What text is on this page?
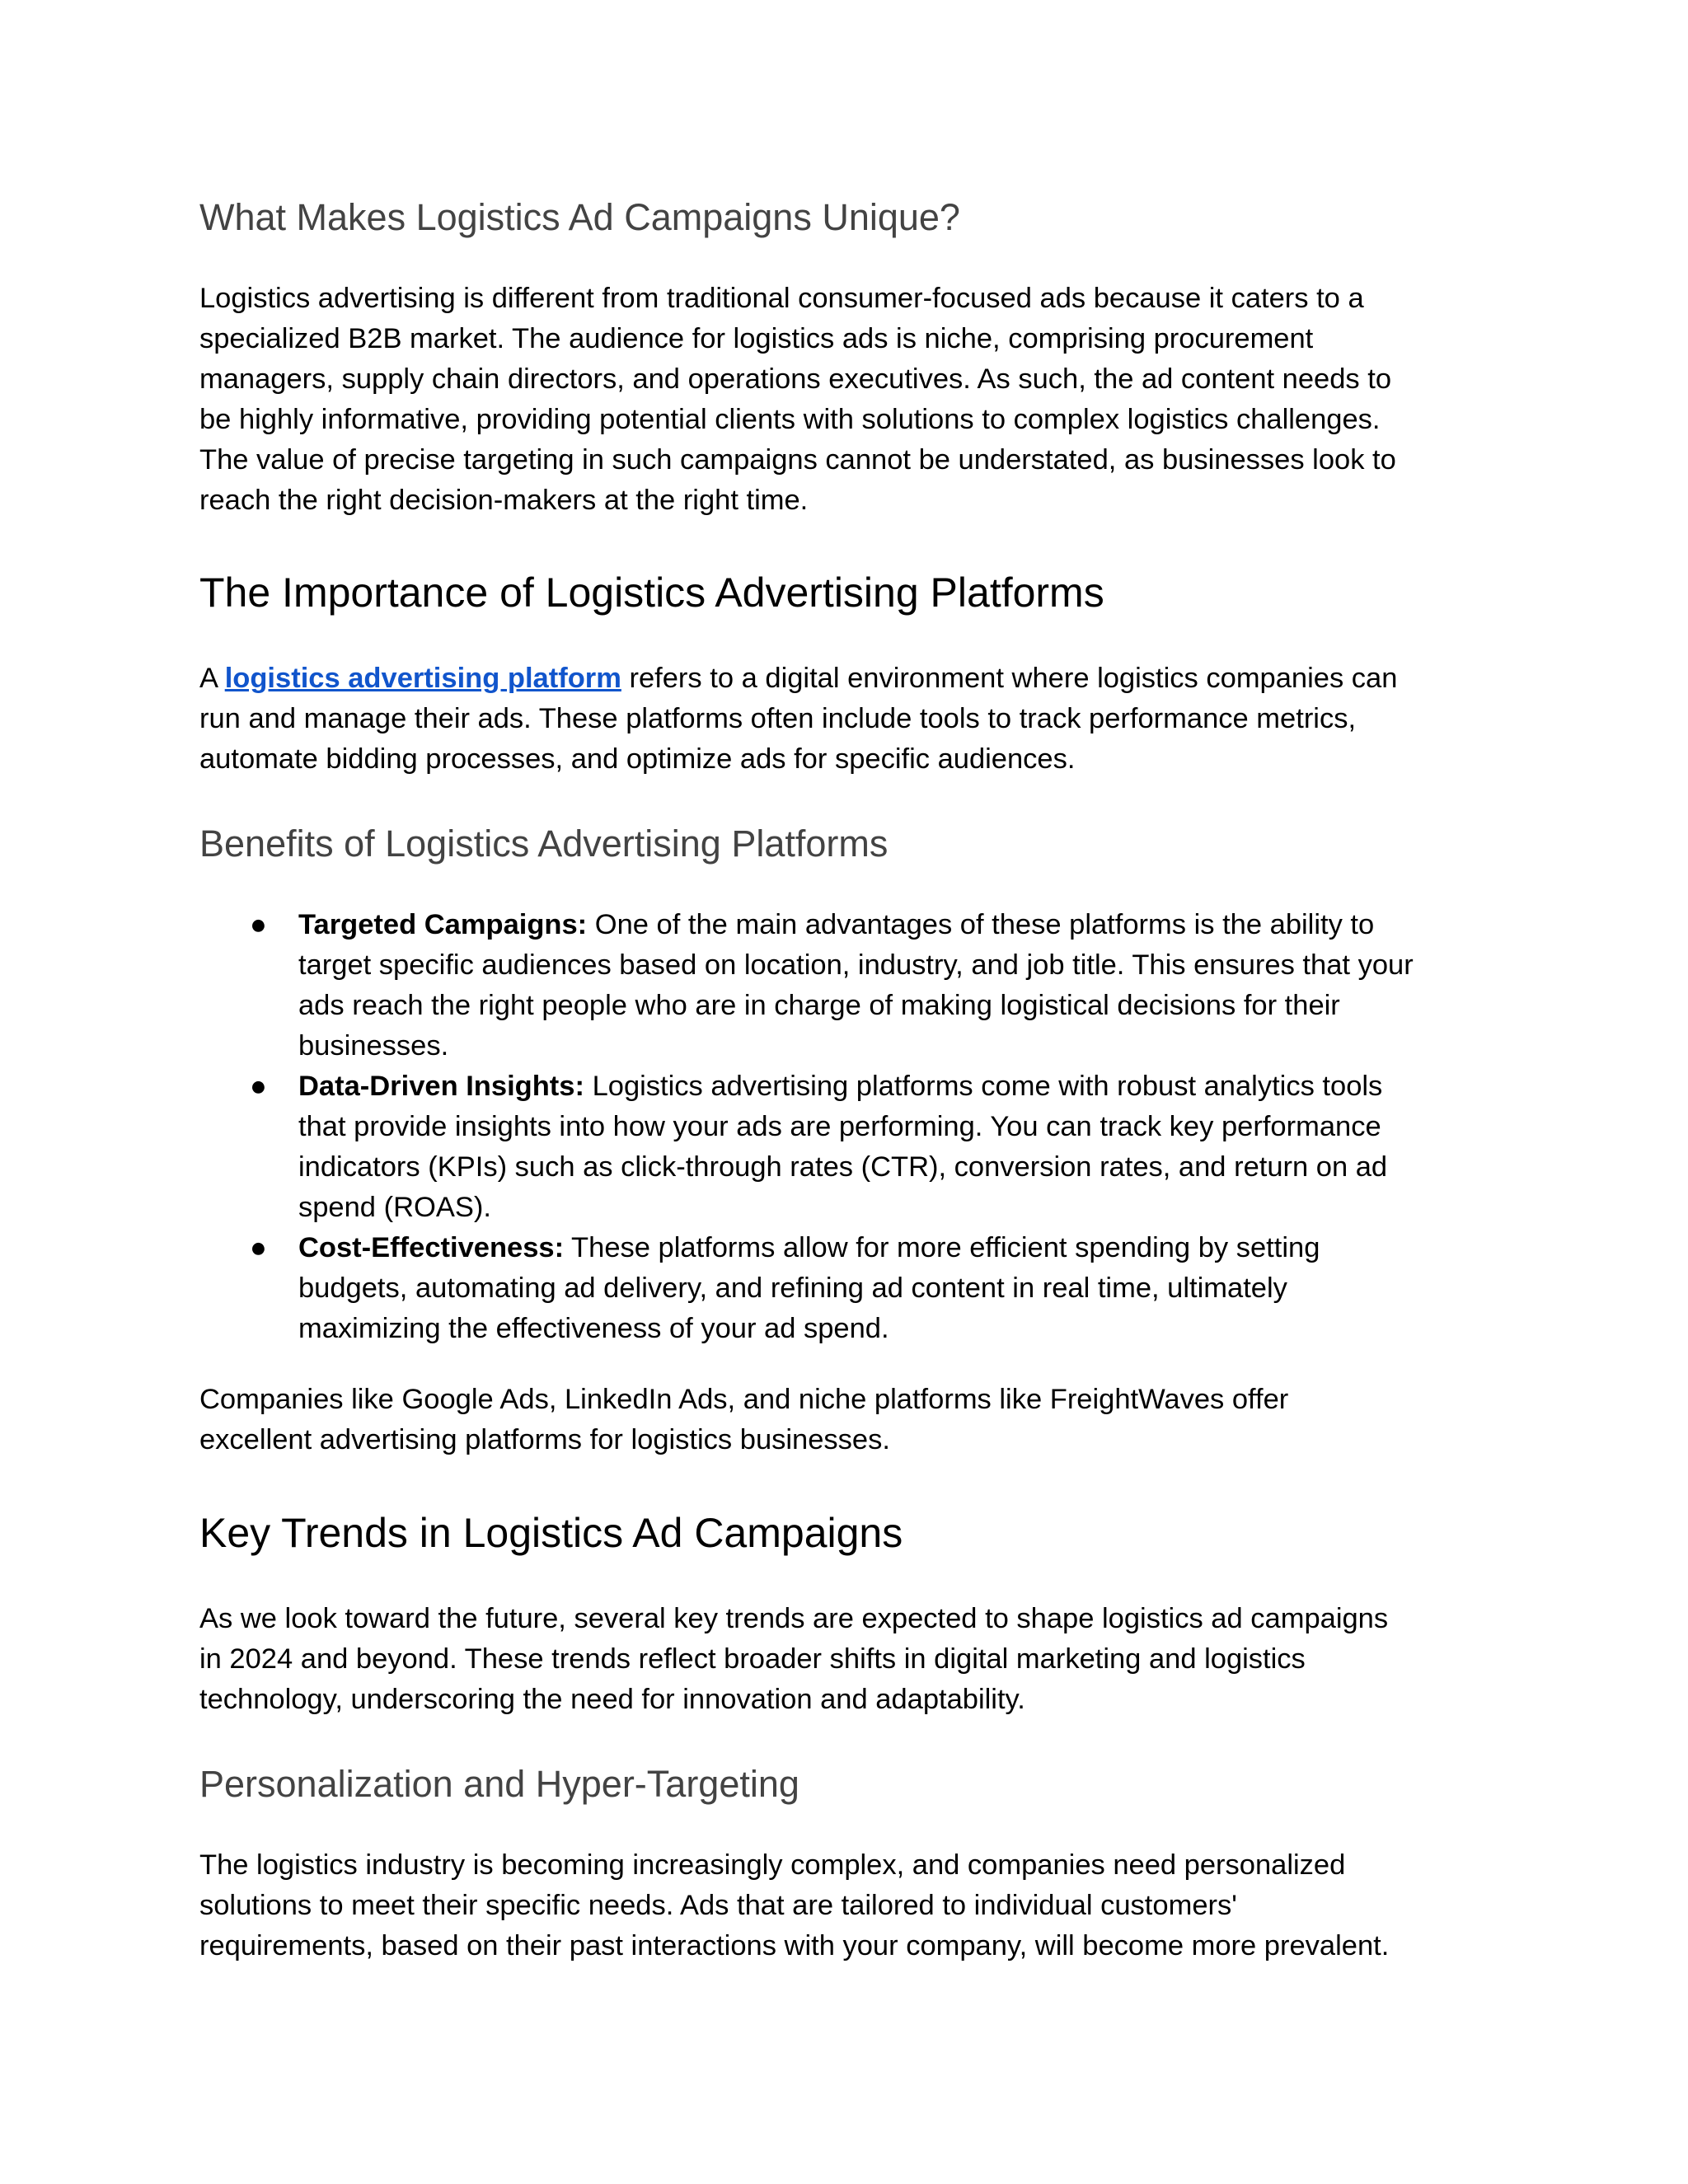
What Makes Logistics Ad Campaigns Unique?

Logistics advertising is different from traditional consumer-focused ads because it caters to a
specialized B2B market. The audience for logistics ads is niche, comprising procurement
managers, supply chain directors, and operations executives. As such, the ad content needs to
be highly informative, providing potential clients with solutions to complex logistics challenges.
The value of precise targeting in such campaigns cannot be understated, as businesses look to
reach the right decision-makers at the right time.

The Importance of Logistics Advertising Platforms

A logistics advertising platform refers to a digital environment where logistics companies can
run and manage their ads. These platforms often include tools to track performance metrics,
automate bidding processes, and optimize ads for specific audiences.

Benefits of Logistics Advertising Platforms
● Targeted Campaigns: One of the main advantages of these platforms is the ability to
target specific audiences based on location, industry, and job title. This ensures that your
ads reach the right people who are in charge of making logistical decisions for their
businesses.
● Data-Driven Insights: Logistics advertising platforms come with robust analytics tools
that provide insights into how your ads are performing. You can track key performance
indicators (KPIs) such as click-through rates (CTR), conversion rates, and return on ad
spend (ROAS).
● Cost-Effectiveness: These platforms allow for more efficient spending by setting
budgets, automating ad delivery, and refining ad content in real time, ultimately
maximizing the effectiveness of your ad spend.

Companies like Google Ads, LinkedIn Ads, and niche platforms like FreightWaves offer
excellent advertising platforms for logistics businesses.

Key Trends in Logistics Ad Campaigns

As we look toward the future, several key trends are expected to shape logistics ad campaigns
in 2024 and beyond. These trends reflect broader shifts in digital marketing and logistics
technology, underscoring the need for innovation and adaptability.

Personalization and Hyper-Targeting

The logistics industry is becoming increasingly complex, and companies need personalized
solutions to meet their specific needs. Ads that are tailored to individual customers'
requirements, based on their past interactions with your company, will become more prevalent.
